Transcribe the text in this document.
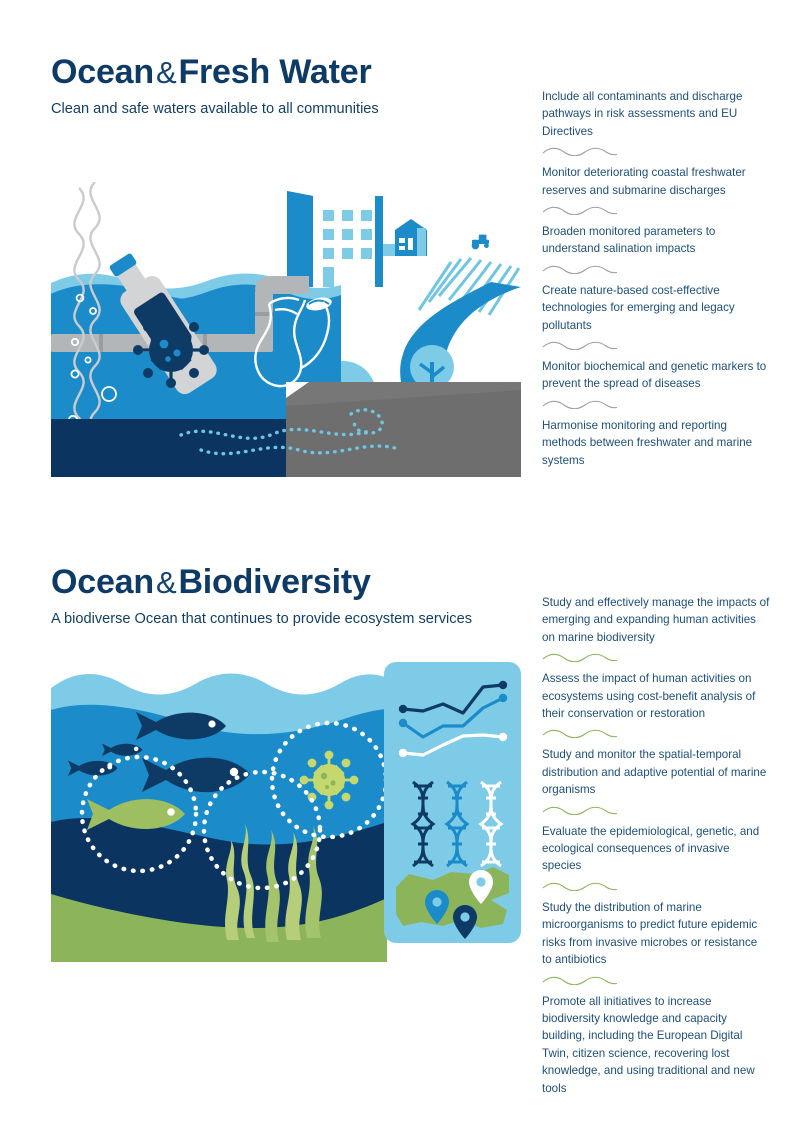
Ocean&Fresh Water
Clean and safe waters available to all communities
Include all contaminants and discharge pathways in risk assessments and EU Directives
Monitor deteriorating coastal freshwater reserves and submarine discharges
Broaden monitored parameters to understand salination impacts
Create nature-based cost-effective technologies for emerging and legacy pollutants
Monitor biochemical and genetic markers to prevent the spread of diseases
Harmonise monitoring and reporting methods between freshwater and marine systems
Ocean&Biodiversity
A biodiverse Ocean that continues to provide ecosystem services
Study and effectively manage the impacts of emerging and expanding human activities on marine biodiversity
Assess the impact of human activities on ecosystems using cost-benefit analysis of their conservation or restoration
Study and monitor the spatial-temporal distribution and adaptive potential of marine organisms
Evaluate the epidemiological, genetic, and ecological consequences of invasive species
Study the distribution of marine microorganisms to predict future epidemic risks from invasive microbes or resistance to antibiotics
Promote all initiatives to increase biodiversity knowledge and capacity building, including the European Digital Twin, citizen science, recovering lost knowledge, and using traditional and new tools
